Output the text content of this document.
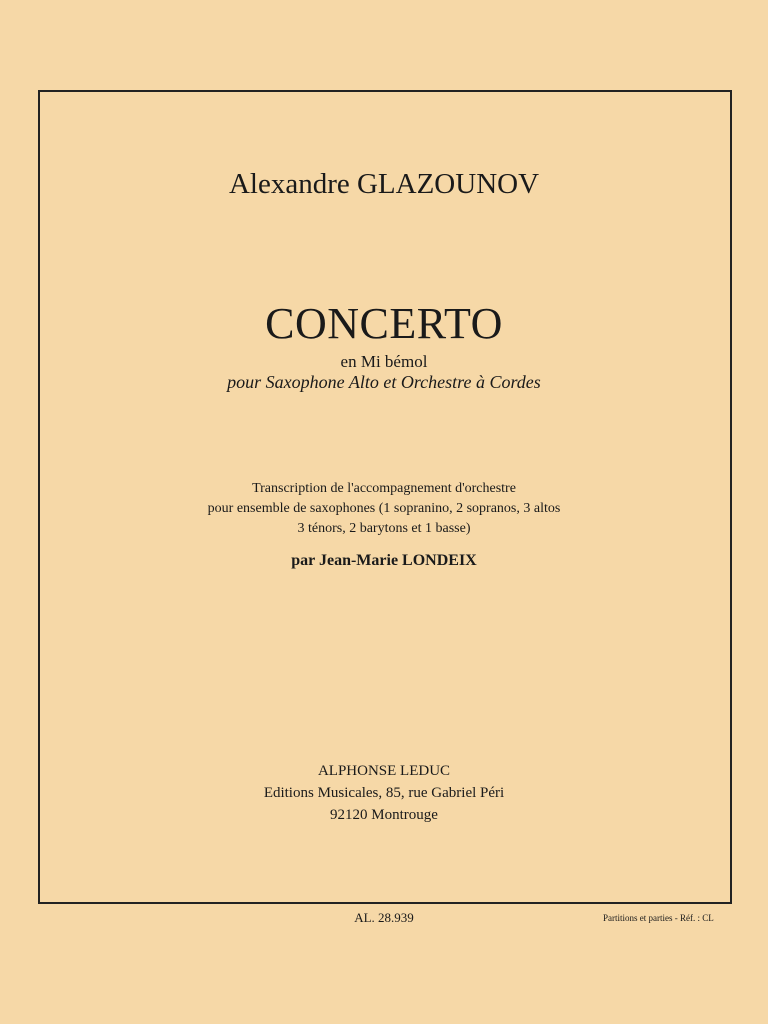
Alexandre GLAZOUNOV
CONCERTO
en Mi bémol
pour Saxophone Alto et Orchestre à Cordes
Transcription de l'accompagnement d'orchestre
pour ensemble de saxophones (1 sopranino, 2 sopranos, 3 altos
3 ténors, 2 barytons et 1 basse)
par Jean-Marie LONDEIX
ALPHONSE LEDUC
Editions Musicales, 85, rue Gabriel Péri
92120 Montrouge
AL. 28.939	Partitions et parties - Réf. : CL
